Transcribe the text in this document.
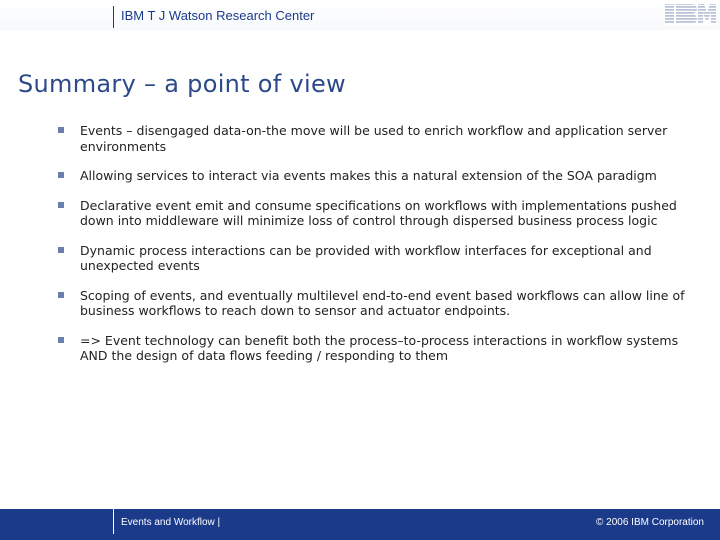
IBM T J Watson Research Center
Summary – a point of view
Events – disengaged data-on-the move will be used to enrich workflow and application server environments
Allowing services to interact via events makes this a natural extension of the SOA paradigm
Declarative event emit and consume specifications on workflows with implementations pushed down into middleware will minimize loss of control through dispersed business process logic
Dynamic process interactions can be provided with workflow interfaces for exceptional and unexpected events
Scoping of events, and eventually multilevel end-to-end event based workflows can allow line of business workflows to reach down to sensor and actuator endpoints.
=> Event technology can benefit both the process–to-process interactions in workflow systems AND the design of data flows feeding / responding to them
Events and Workflow |	© 2006 IBM Corporation
